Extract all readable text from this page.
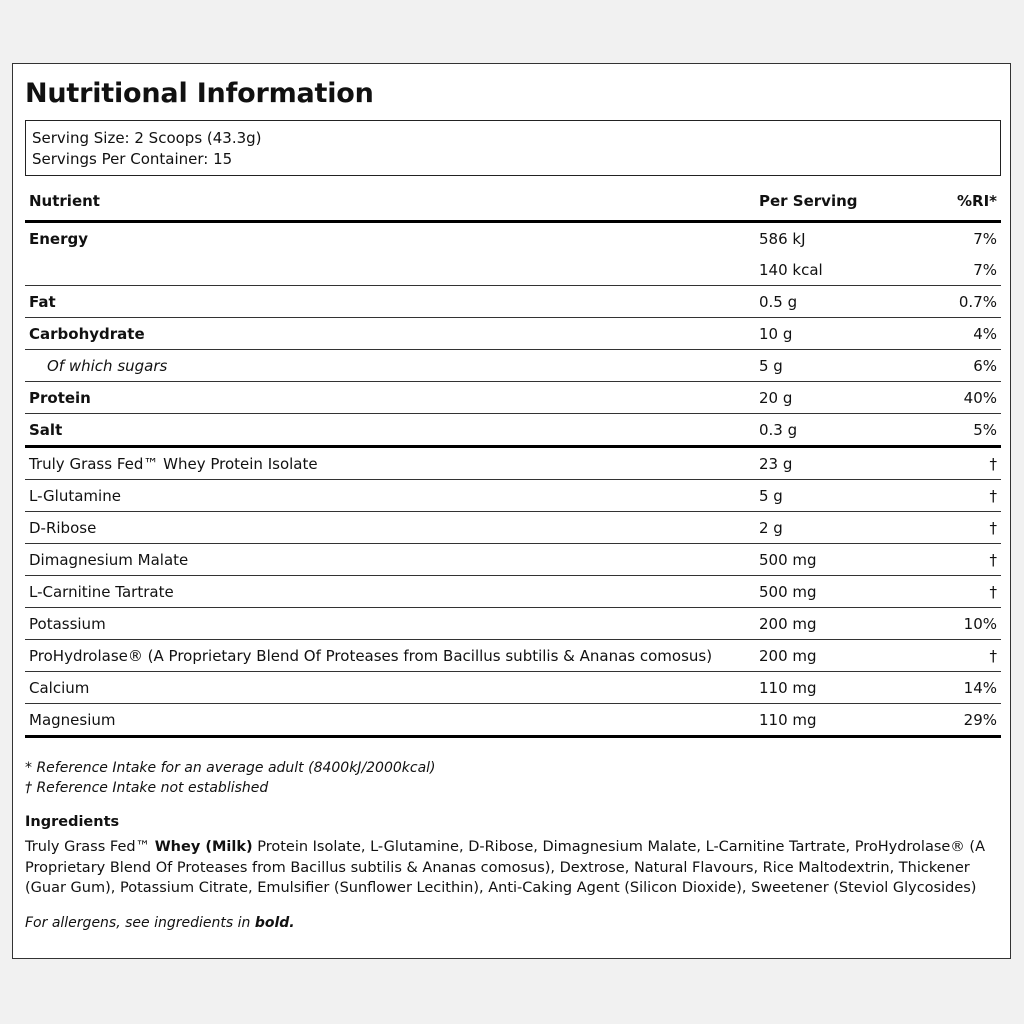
Nutritional Information
Serving Size: 2 Scoops (43.3g)
Servings Per Container: 15
Nutrient	Per Serving	%RI*
Energy	586 kJ	7%
	140 kcal	7%
Fat	0.5 g	0.7%
Carbohydrate	10 g	4%
Of which sugars	5 g	6%
Protein	20 g	40%
Salt	0.3 g	5%
Truly Grass Fed™ Whey Protein Isolate	23 g	†
L-Glutamine	5 g	†
D-Ribose	2 g	†
Dimagnesium Malate	500 mg	†
L-Carnitine Tartrate	500 mg	†
Potassium	200 mg	10%
ProHydrolase® (A Proprietary Blend Of Proteases from Bacillus subtilis & Ananas comosus)	200 mg	†
Calcium	110 mg	14%
Magnesium	110 mg	29%
* Reference Intake for an average adult (8400kJ/2000kcal)
† Reference Intake not established
Ingredients
Truly Grass Fed™ Whey (Milk) Protein Isolate, L-Glutamine, D-Ribose, Dimagnesium Malate, L-Carnitine Tartrate, ProHydrolase® (A Proprietary Blend Of Proteases from Bacillus subtilis & Ananas comosus), Dextrose, Natural Flavours, Rice Maltodextrin, Thickener (Guar Gum), Potassium Citrate, Emulsifier (Sunflower Lecithin), Anti-Caking Agent (Silicon Dioxide), Sweetener (Steviol Glycosides)
For allergens, see ingredients in bold.
